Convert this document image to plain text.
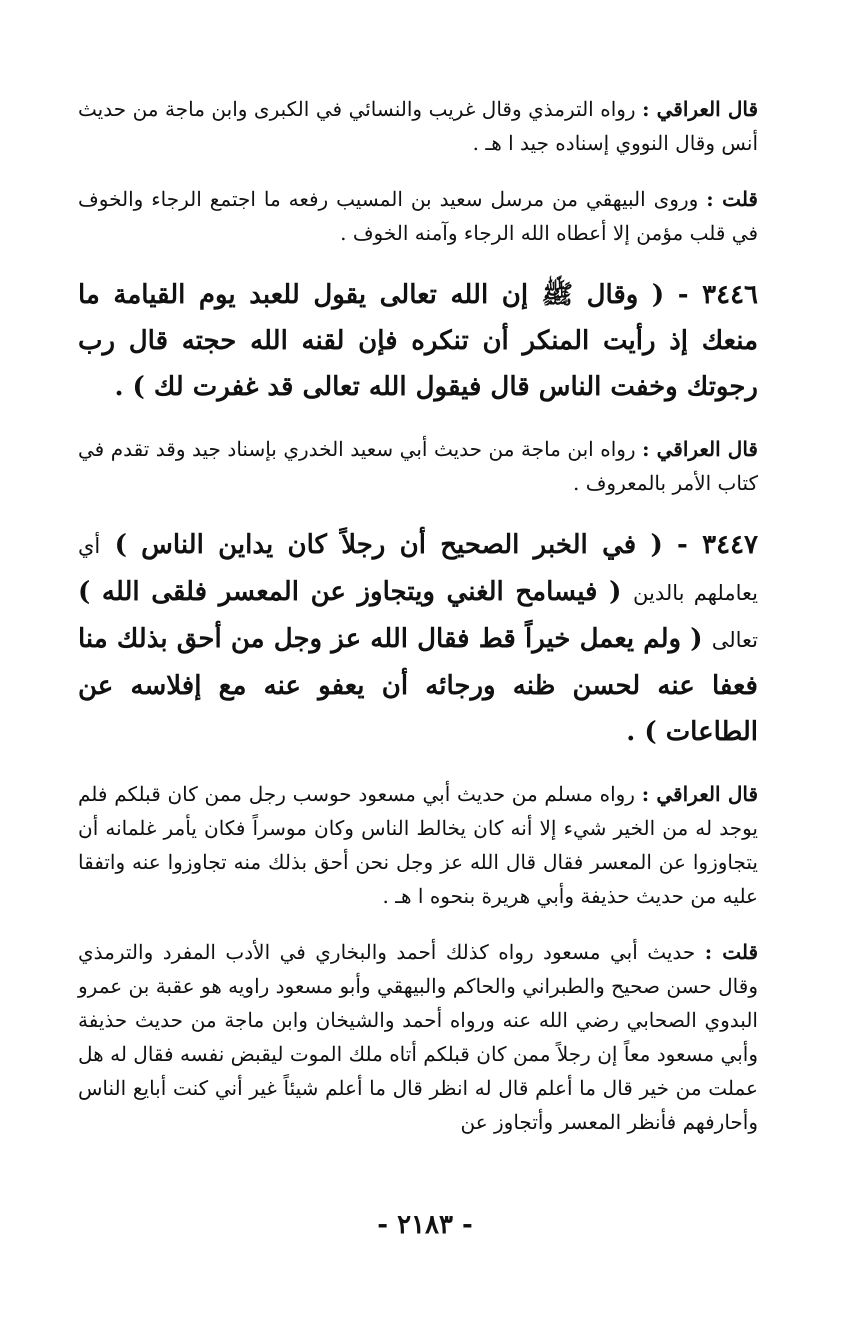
قال العراقي : رواه الترمذي وقال غريب والنسائي في الكبرى وابن ماجة من حديث أنس وقال النووي إسناده جيد ا هـ .

قلت : وروى البيهقي من مرسل سعيد بن المسيب رفعه ما اجتمع الرجاء والخوف في قلب مؤمن إلا أعطاه الله الرجاء وآمنه الخوف .

٣٤٤٦ - ( وقال ﷺ إن الله تعالى يقول للعبد يوم القيامة ما منعك إذ رأيت المنكر أن تنكره فإن لقنه الله حجته قال رب رجوتك وخفت الناس قال فيقول الله تعالى قد غفرت لك ) .

قال العراقي : رواه ابن ماجة من حديث أبي سعيد الخدري بإسناد جيد وقد تقدم في كتاب الأمر بالمعروف .

٣٤٤٧ - ( في الخبر الصحيح أن رجلاً كان يداين الناس ) أي يعاملهم بالدين ( فيسامح الغني ويتجاوز عن المعسر فلقى الله ) تعالى ( ولم يعمل خيراً قط فقال الله عز وجل من أحق بذلك منا فعفا عنه لحسن ظنه ورجائه أن يعفو عنه مع إفلاسه عن الطاعات ) .

قال العراقي : رواه مسلم من حديث أبي مسعود حوسب رجل ممن كان قبلكم فلم يوجد له من الخير شيء إلا أنه كان يخالط الناس وكان موسراً فكان يأمر غلمانه أن يتجاوزوا عن المعسر فقال قال الله عز وجل نحن أحق بذلك منه تجاوزوا عنه واتفقا عليه من حديث حذيفة وأبي هريرة بنحوه ا هـ .

قلت : حديث أبي مسعود رواه كذلك أحمد والبخاري في الأدب المفرد والترمذي وقال حسن صحيح والطبراني والحاكم والبيهقي وأبو مسعود راويه هو عقبة بن عمرو البدوي الصحابي رضي الله عنه ورواه أحمد والشيخان وابن ماجة من حديث حذيفة وأبي مسعود معاً إن رجلاً ممن كان قبلكم أتاه ملك الموت ليقبض نفسه فقال له هل عملت من خير قال ما أعلم قال له انظر قال ما أعلم شيئاً غير أني كنت أبايع الناس وأحارفهم فأنظر المعسر وأتجاوز عن

- ٢١٨٣ -
